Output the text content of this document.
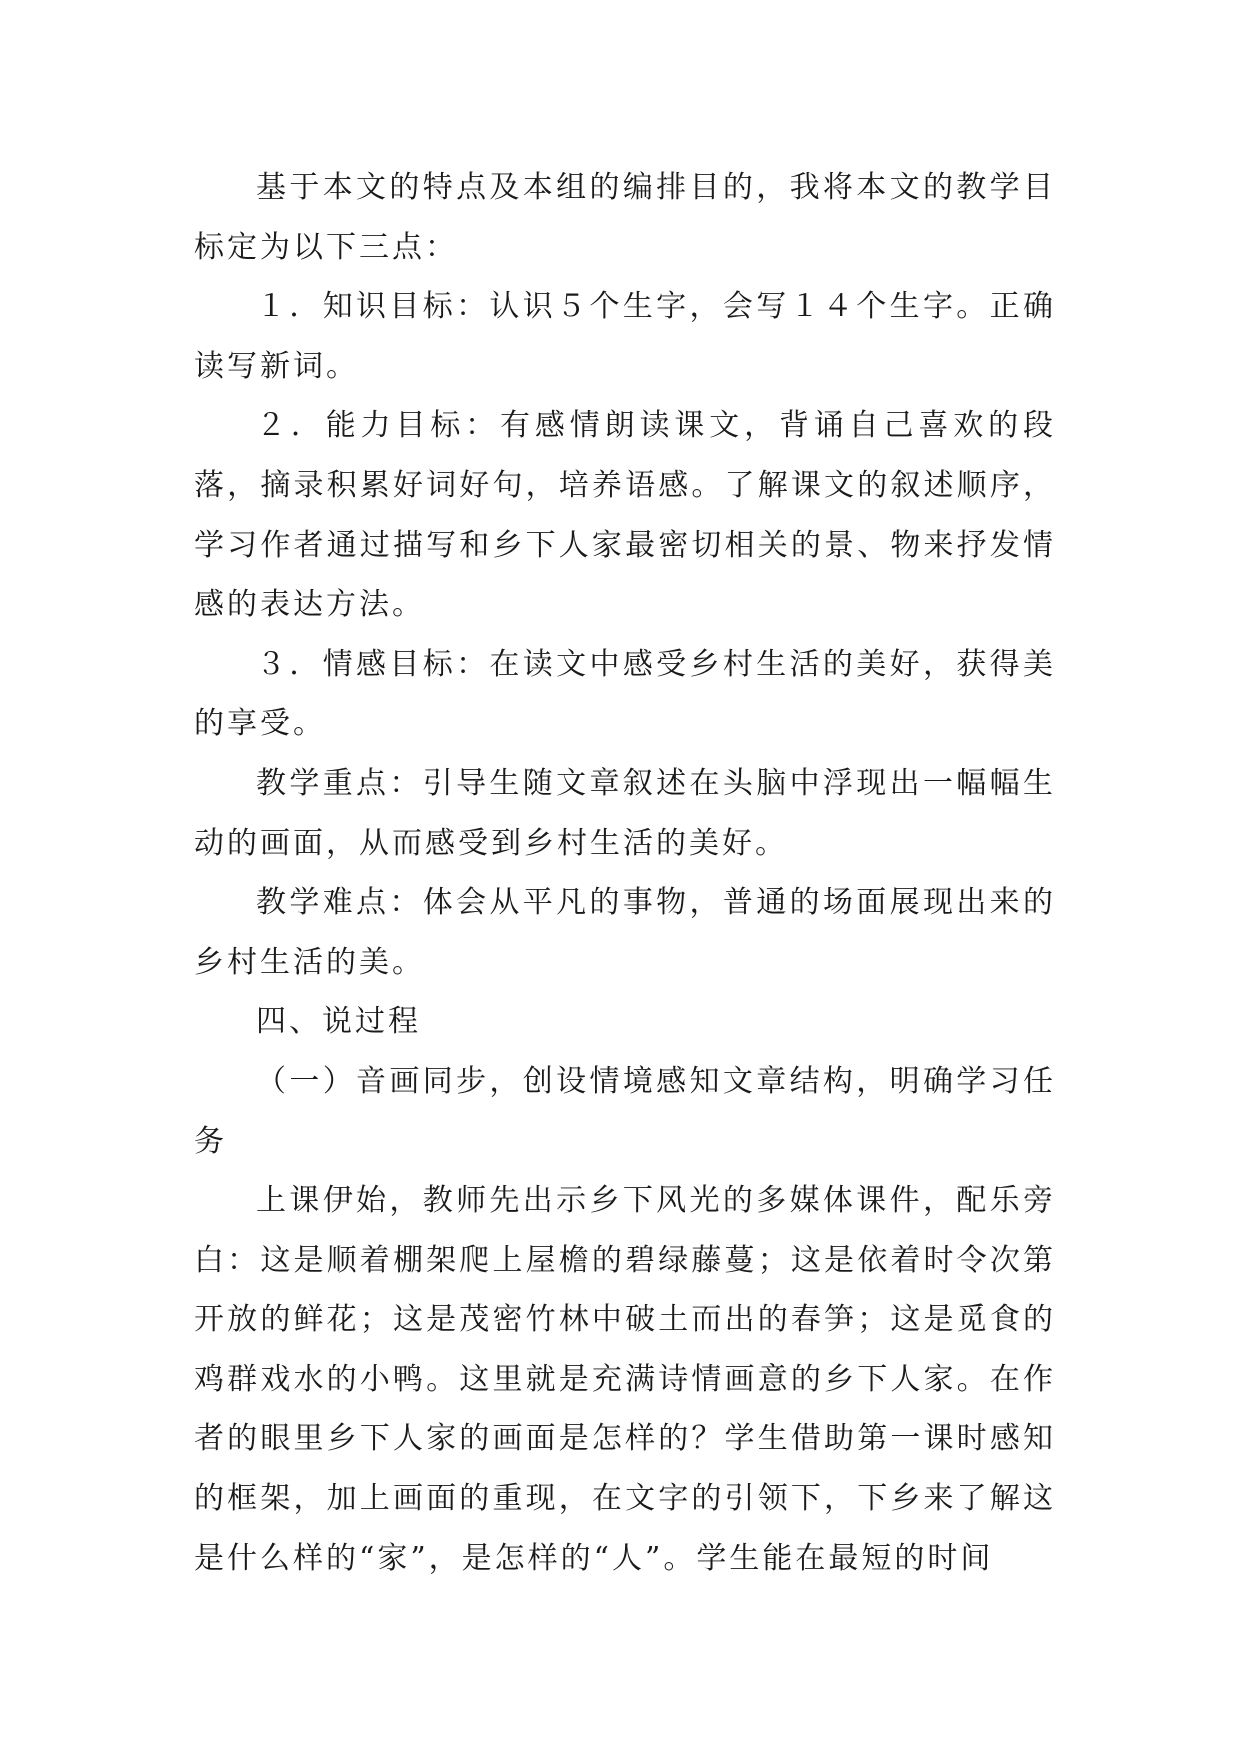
基于本文的特点及本组的编排目的，我将本文的教学目标定为以下三点：

１．知识目标：认识５个生字，会写１４个生字。正确读写新词。

２．能力目标：有感情朗读课文，背诵自己喜欢的段落，摘录积累好词好句，培养语感。了解课文的叙述顺序，学习作者通过描写和乡下人家最密切相关的景、物来抒发情感的表达方法。

３．情感目标：在读文中感受乡村生活的美好，获得美的享受。

教学重点：引导生随文章叙述在头脑中浮现出一幅幅生动的画面，从而感受到乡村生活的美好。

教学难点：体会从平凡的事物，普通的场面展现出来的乡村生活的美。

四、说过程

（一）音画同步，创设情境感知文章结构，明确学习任务

上课伊始，教师先出示乡下风光的多媒体课件，配乐旁白：这是顺着棚架爬上屋檐的碧绿藤蔓；这是依着时令次第开放的鲜花；这是茂密竹林中破土而出的春笋；这是觅食的鸡群戏水的小鸭。这里就是充满诗情画意的乡下人家。在作者的眼里乡下人家的画面是怎样的？学生借助第一课时感知的框架，加上画面的重现，在文字的引领下，下乡来了解这是什么样的“家”，是怎样的“人”。学生能在最短的时间
